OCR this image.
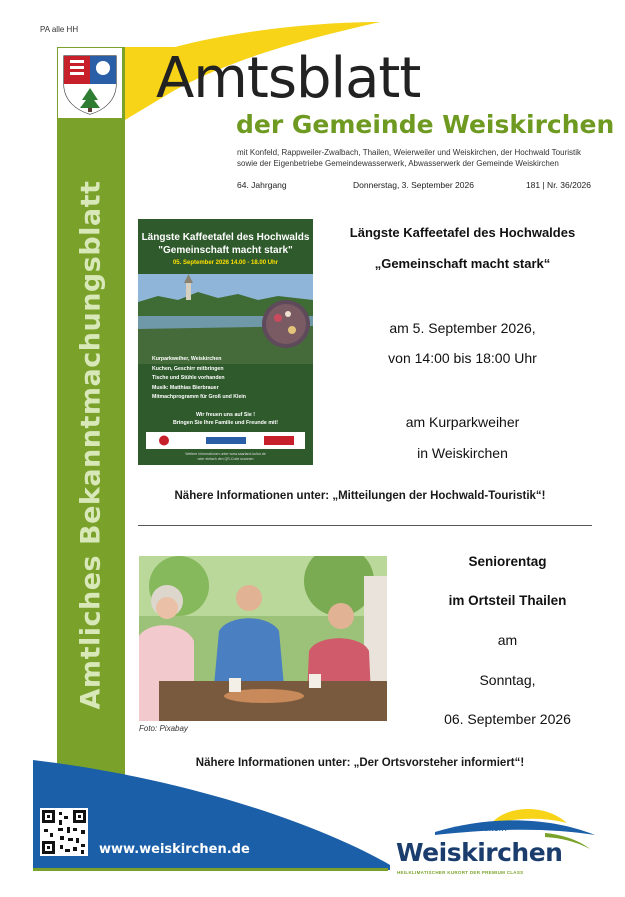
PA alle HH
Amtliches Bekanntmachungsblatt
Amtsblatt
der Gemeinde Weiskirchen
mit Konfeld, Rappweiler-Zwalbach, Thailen, Weierweiler und Weiskirchen, der Hochwald Touristik
sowie der Eigenbetriebe Gemeindewasserwerk, Abwasserwerk der Gemeinde Weiskirchen
64. Jahrgang	Donnerstag, 3. September 2026	181 | Nr. 36/2026
Längste Kaffeetafel des Hochwalds
"Gemeinschaft macht stark"
05. September 2026 14.00 - 18.00 Uhr
Kurparkweiher, Weiskirchen
Kuchen, Geschirr mitbringen
Tische und Stühle vorhanden
Musik: Matthias Bierbrauer
Mitmachprogramm für Groß und Klein
Wir freuen uns auf Sie !
Bringen Sie Ihre Familie und Freunde mit!
Weitere Informationen unter www.saarland-kultur.de
oder einfach den QR-Code scannen
Längste Kaffeetafel des Hochwaldes
„Gemeinschaft macht stark“
am 5. September 2026,
von 14:00 bis 18:00 Uhr
am Kurparkweiher
in Weiskirchen
Nähere Informationen unter: „Mitteilungen der Hochwald-Touristik“!
Foto: Pixabay
Seniorentag
im Ortsteil Thailen
am
Sonntag,
06. September 2026
Nähere Informationen unter: „Der Ortsvorsteher informiert“!
www.weiskirchen.de
KNEIPPKURORT
Weiskirchen
HEILKLIMATISCHER KURORT DER PREMIUM CLASS
